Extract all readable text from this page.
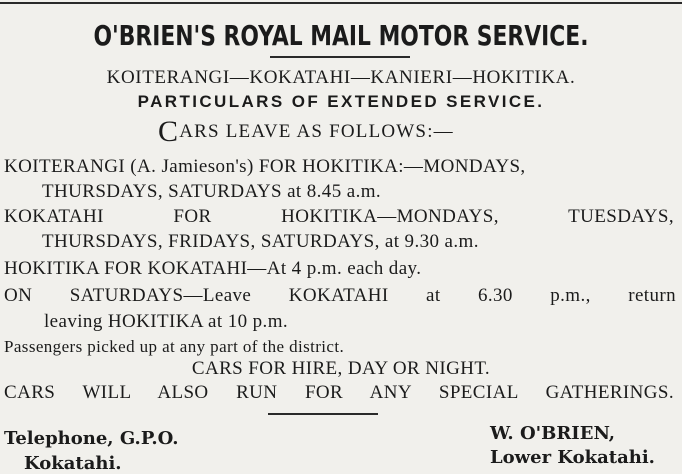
O'BRIEN'S ROYAL MAIL MOTOR SERVICE.
KOITERANGI—KOKATAHI—KANIERI—HOKITIKA.
PARTICULARS OF EXTENDED SERVICE.
CARS LEAVE AS FOLLOWS:—
KOITERANGI (A. Jamieson's) FOR HOKITIKA:—MONDAYS,
THURSDAYS, SATURDAYS at 8.45 a.m.
KOKATAHI FOR HOKITIKA—MONDAYS, TUESDAYS,
THURSDAYS, FRIDAYS, SATURDAYS, at 9.30 a.m.
HOKITIKA FOR KOKATAHI—At 4 p.m. each day.
ON SATURDAYS—Leave KOKATAHI at 6.30 p.m., return
leaving HOKITIKA at 10 p.m.
Passengers picked up at any part of the district.
CARS FOR HIRE, DAY OR NIGHT.
CARS WILL ALSO RUN FOR ANY SPECIAL GATHERINGS.
Telephone, G.P.O.
Kokatahi.
W. O'BRIEN,
Lower Kokatahi.
